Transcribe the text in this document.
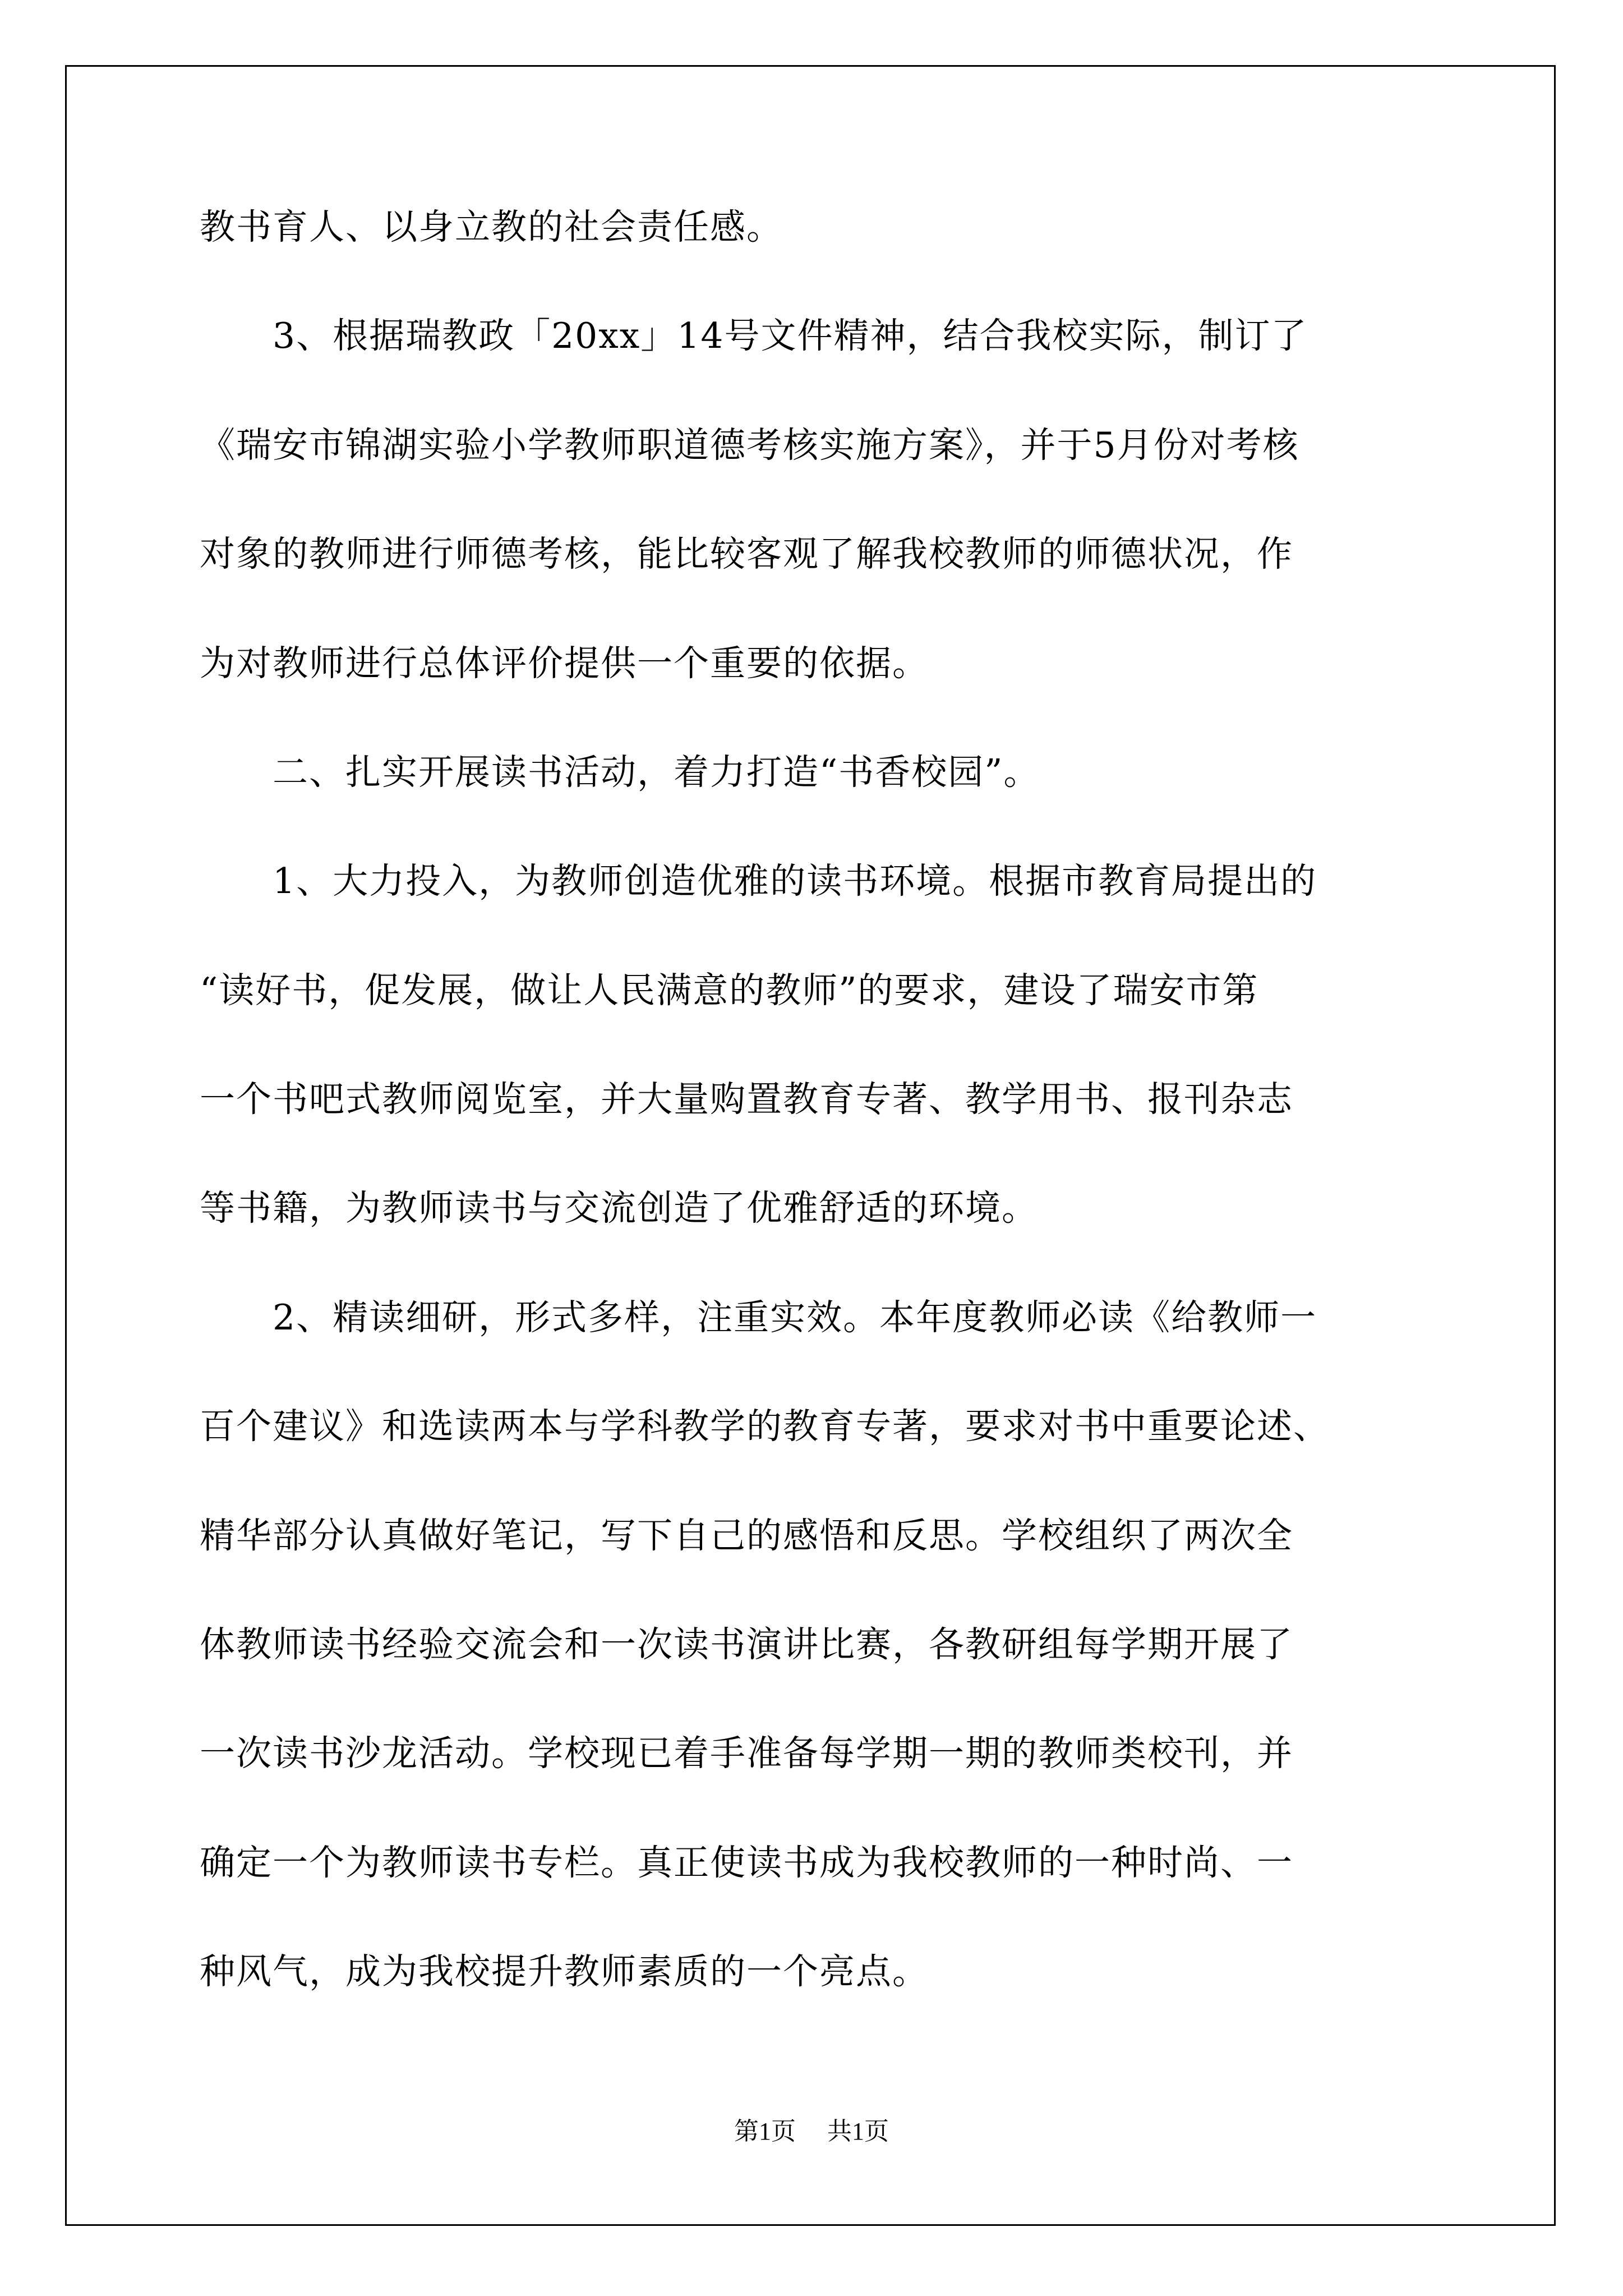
教书育人、以身立教的社会责任感。
　　3、根据瑞教政「20xx」14号文件精神，结合我校实际，制订了
《瑞安市锦湖实验小学教师职道德考核实施方案》，并于5月份对考核
对象的教师进行师德考核，能比较客观了解我校教师的师德状况，作
为对教师进行总体评价提供一个重要的依据。
　　二、扎实开展读书活动，着力打造“书香校园”。
　　1、大力投入，为教师创造优雅的读书环境。根据市教育局提出的
“读好书，促发展，做让人民满意的教师”的要求，建设了瑞安市第
一个书吧式教师阅览室，并大量购置教育专著、教学用书、报刊杂志
等书籍，为教师读书与交流创造了优雅舒适的环境。
　　2、精读细研，形式多样，注重实效。本年度教师必读《给教师一
百个建议》和选读两本与学科教学的教育专著，要求对书中重要论述、
精华部分认真做好笔记，写下自己的感悟和反思。学校组织了两次全
体教师读书经验交流会和一次读书演讲比赛，各教研组每学期开展了
一次读书沙龙活动。学校现已着手准备每学期一期的教师类校刊，并
确定一个为教师读书专栏。真正使读书成为我校教师的一种时尚、一
种风气，成为我校提升教师素质的一个亮点。
第1页 共1页
